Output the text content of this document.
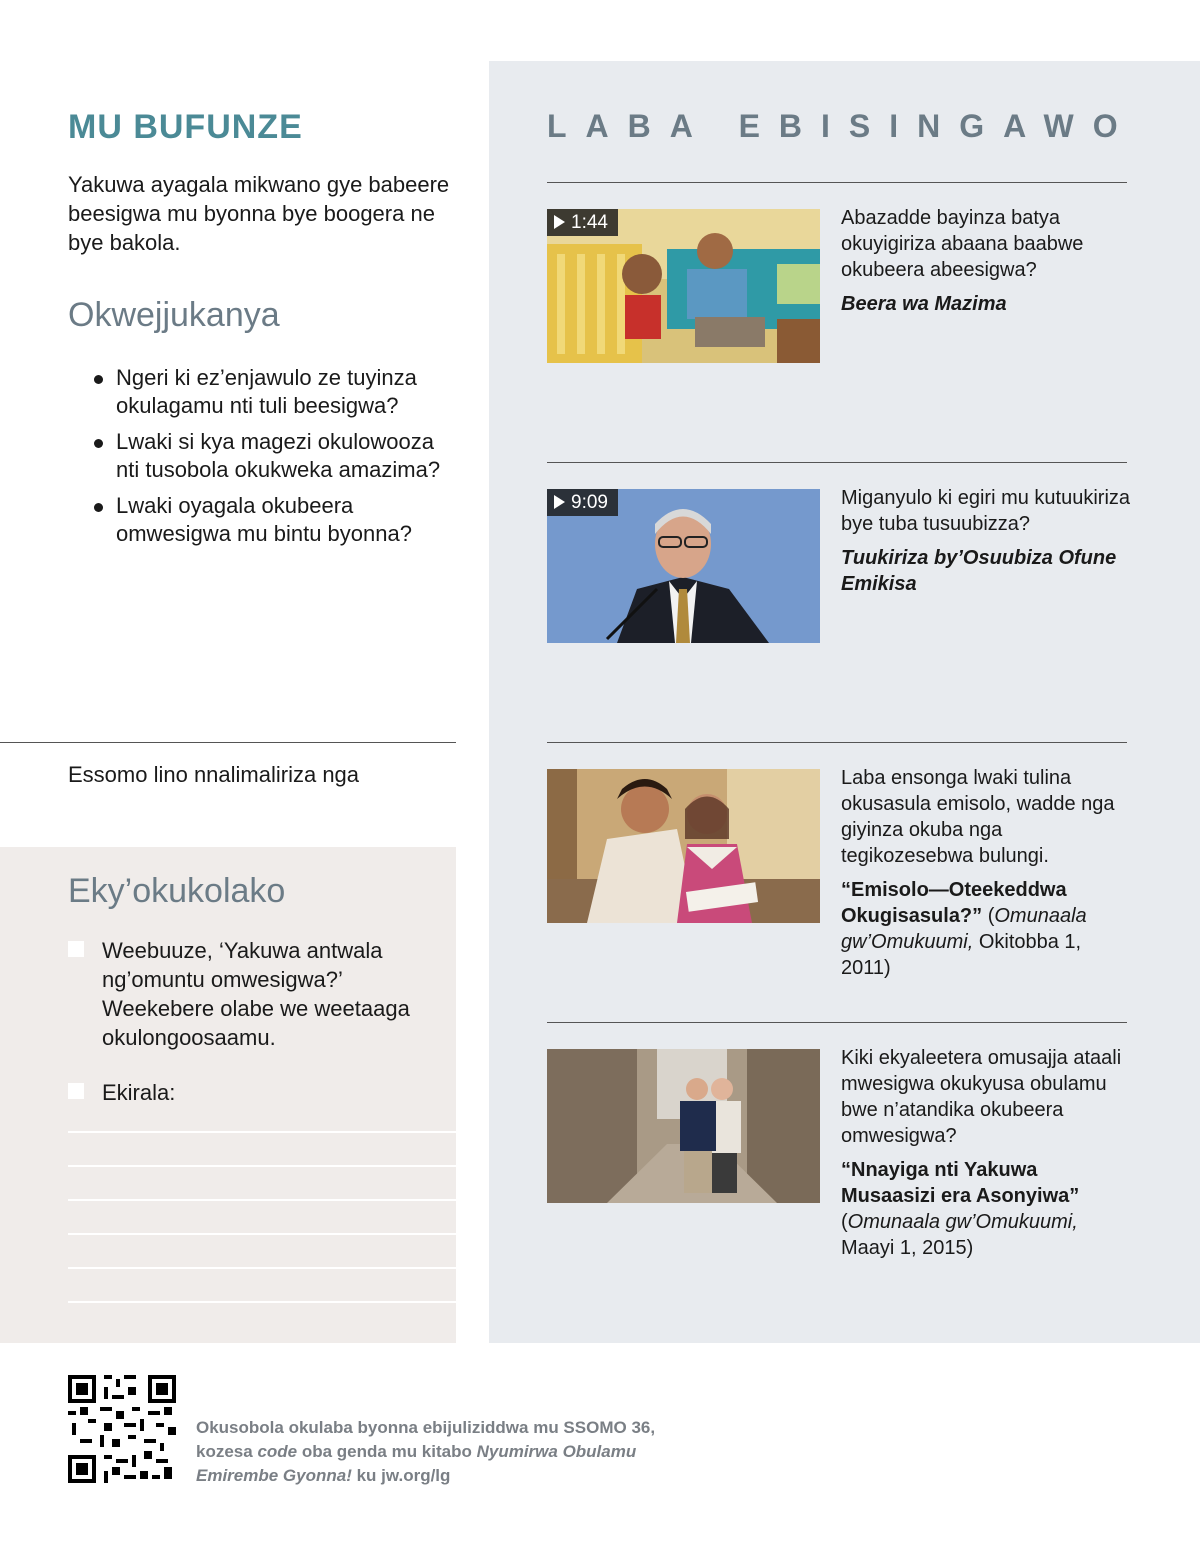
MU BUFUNZE
Yakuwa ayagala mikwano gye babeere beesigwa mu byonna bye boogera ne bye bakola.
Okwejjukanya
Ngeri ki ez’enjawulo ze tuyinza okulagamu nti tuli beesigwa?
Lwaki si kya magezi okulowooza nti tusobola okukweka amazima?
Lwaki oyagala okubeera omwesigwa mu bintu byonna?
Essomo lino nnalimaliriza nga
Eky’okukolako
Weebuuze, ‘Yakuwa antwala ng’omuntu omwesigwa?’ Weekebere olabe we weetaaga okulongoosaamu.
Ekirala:
LABA EBISINGAWO
1:44	Abazadde bayinza batya okuyigiriza abaana baabwe okubeera abeesigwa?
Beera wa Mazima
9:09	Miganyulo ki egiri mu kutuukiriza bye tuba tusuubizza?
Tuukiriza by’Osuubiza Ofune Emikisa
Laba ensonga lwaki tulina okusasula emisolo, wadde nga giyinza okuba nga tegikozesebwa bulungi.
“Emisolo—Oteekeddwa Okugisasula?” (Omunaala gw’Omukuumi, Okitobba 1, 2011)
Kiki ekyaleetera omusajja ataali mwesigwa okukyusa obulamu bwe n’atandika okubeera omwesigwa?
“Nnayiga nti Yakuwa Musaasizi era Asonyiwa” (Omunaala gw’Omukuumi, Maayi 1, 2015)
Okusobola okulaba byonna ebijuliziddwa mu SSOMO 36,
kozesa code oba genda mu kitabo Nyumirwa Obulamu
Emirembe Gyonna! ku jw.org/lg
